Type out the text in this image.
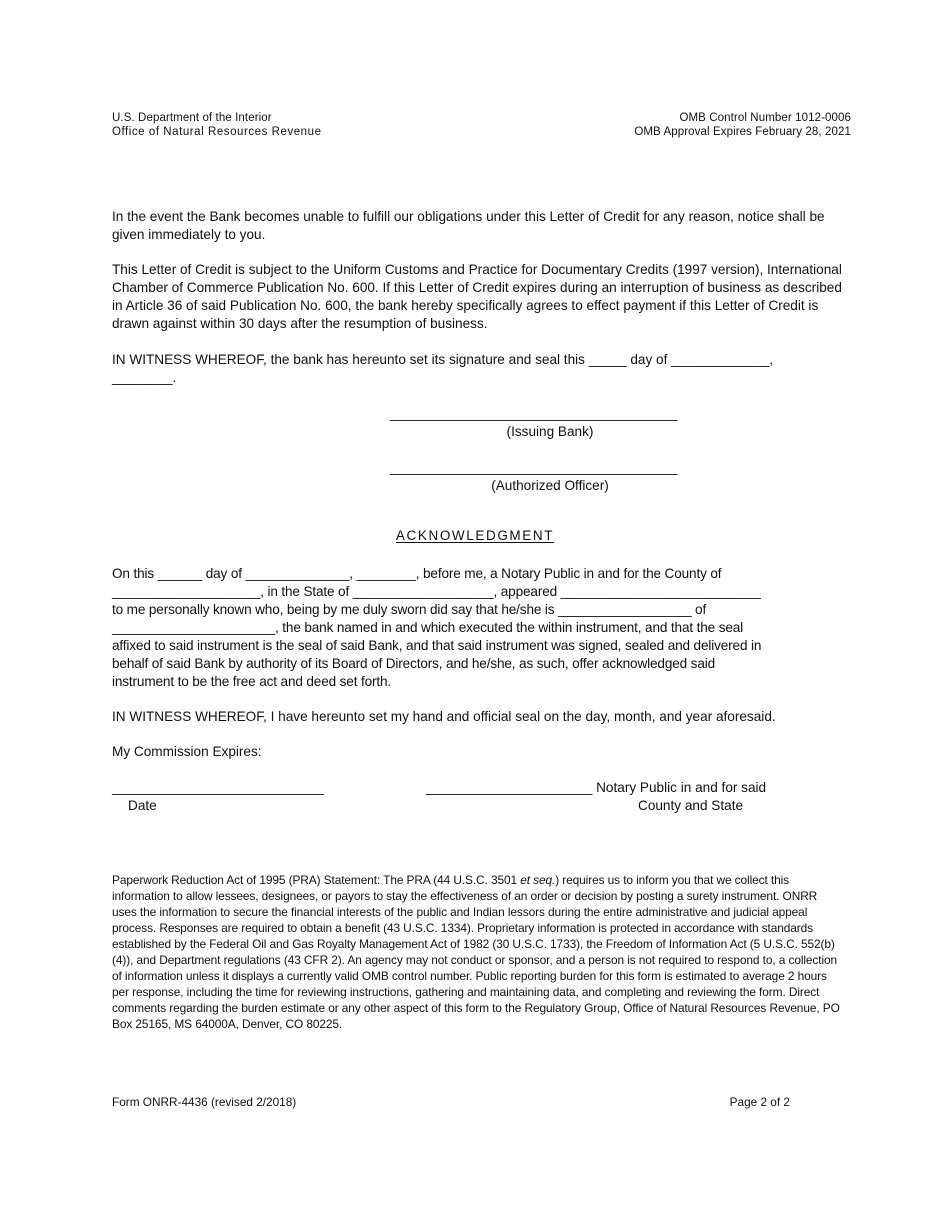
U.S. Department of the Interior
Office of Natural Resources Revenue
OMB Control Number 1012-0006
OMB Approval Expires February 28, 2021

In the event the Bank becomes unable to fulfill our obligations under this Letter of Credit for any reason, notice shall be given immediately to you.

This Letter of Credit is subject to the Uniform Customs and Practice for Documentary Credits (1997 version), International Chamber of Commerce Publication No. 600. If this Letter of Credit expires during an interruption of business as described in Article 36 of said Publication No. 600, the bank hereby specifically agrees to effect payment if this Letter of Credit is drawn against within 30 days after the resumption of business.

IN WITNESS WHEREOF, the bank has hereunto set its signature and seal this _____ day of _____________,
________.
______________________________________
(Issuing Bank)
______________________________________
(Authorized Officer)
ACKNOWLEDGMENT
On this ______ day of ______________, ________, before me, a Notary Public in and for the County of
____________________, in the State of ___________________, appeared ___________________________
to me personally known who, being by me duly sworn did say that he/she is __________________ of
______________________, the bank named in and which executed the within instrument, and that the seal
affixed to said instrument is the seal of said Bank, and that said instrument was signed, sealed and delivered in
behalf of said Bank by authority of its Board of Directors, and he/she, as such, offer acknowledged said
instrument to be the free act and deed set forth.
IN WITNESS WHEREOF, I have hereunto set my hand and official seal on the day, month, and year aforesaid.
My Commission Expires:
____________________________
Date
______________________ Notary Public in and for said
County and State

Paperwork Reduction Act of 1995 (PRA) Statement: The PRA (44 U.S.C. 3501 et seq.) requires us to inform you that we collect this information to allow lessees, designees, or payors to stay the effectiveness of an order or decision by posting a surety instrument. ONRR uses the information to secure the financial interests of the public and Indian lessors during the entire administrative and judicial appeal process. Responses are required to obtain a benefit (43 U.S.C. 1334). Proprietary information is protected in accordance with standards established by the Federal Oil and Gas Royalty Management Act of 1982 (30 U.S.C. 1733), the Freedom of Information Act (5 U.S.C. 552(b)(4)), and Department regulations (43 CFR 2). An agency may not conduct or sponsor, and a person is not required to respond to, a collection of information unless it displays a currently valid OMB control number. Public reporting burden for this form is estimated to average 2 hours per response, including the time for reviewing instructions, gathering and maintaining data, and completing and reviewing the form. Direct comments regarding the burden estimate or any other aspect of this form to the Regulatory Group, Office of Natural Resources Revenue, PO Box 25165, MS 64000A, Denver, CO 80225.

Form ONRR-4436 (revised 2/2018)	Page 2 of 2
